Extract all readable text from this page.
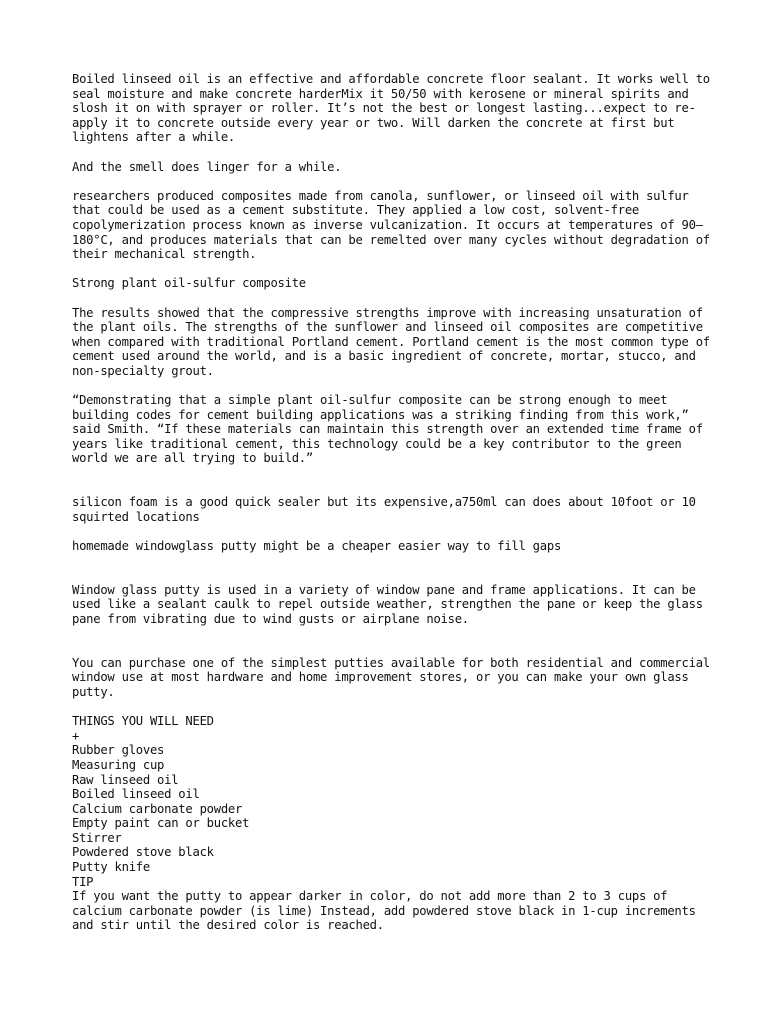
Boiled linseed oil is an effective and affordable concrete floor sealant. It works well to seal moisture and make concrete harderMix it 50/50 with kerosene or mineral spirits and slosh it on with sprayer or roller. It’s not the best or longest lasting...expect to re-apply it to concrete outside every year or two. Will darken the concrete at first but lightens after a while.

And the smell does linger for a while.

researchers produced composites made from canola, sunflower, or linseed oil with sulfur that could be used as a cement substitute. They applied a low cost, solvent-free copolymerization process known as inverse vulcanization. It occurs at temperatures of 90–180°C, and produces materials that can be remelted over many cycles without degradation of their mechanical strength.

Strong plant oil-sulfur composite

The results showed that the compressive strengths improve with increasing unsaturation of the plant oils. The strengths of the sunflower and linseed oil composites are competitive when compared with traditional Portland cement. Portland cement is the most common type of cement used around the world, and is a basic ingredient of concrete, mortar, stucco, and non-specialty grout.

“Demonstrating that a simple plant oil-sulfur composite can be strong enough to meet building codes for cement building applications was a striking finding from this work,” said Smith. “If these materials can maintain this strength over an extended time frame of years like traditional cement, this technology could be a key contributor to the green world we are all trying to build.”

silicon foam is a good quick sealer but its expensive,a750ml can does about 10foot or 10 squirted locations

homemade windowglass putty might be a cheaper easier way to fill gaps

Window glass putty is used in a variety of window pane and frame applications. It can be used like a sealant caulk to repel outside weather, strengthen the pane or keep the glass pane from vibrating due to wind gusts or airplane noise.

You can purchase one of the simplest putties available for both residential and commercial window use at most hardware and home improvement stores, or you can make your own glass putty.

THINGS YOU WILL NEED
+
Rubber gloves
Measuring cup
Raw linseed oil
Boiled linseed oil
Calcium carbonate powder
Empty paint can or bucket
Stirrer
Powdered stove black
Putty knife
TIP
If you want the putty to appear darker in color, do not add more than 2 to 3 cups of calcium carbonate powder (is lime) Instead, add powdered stove black in 1-cup increments and stir until the desired color is reached.
